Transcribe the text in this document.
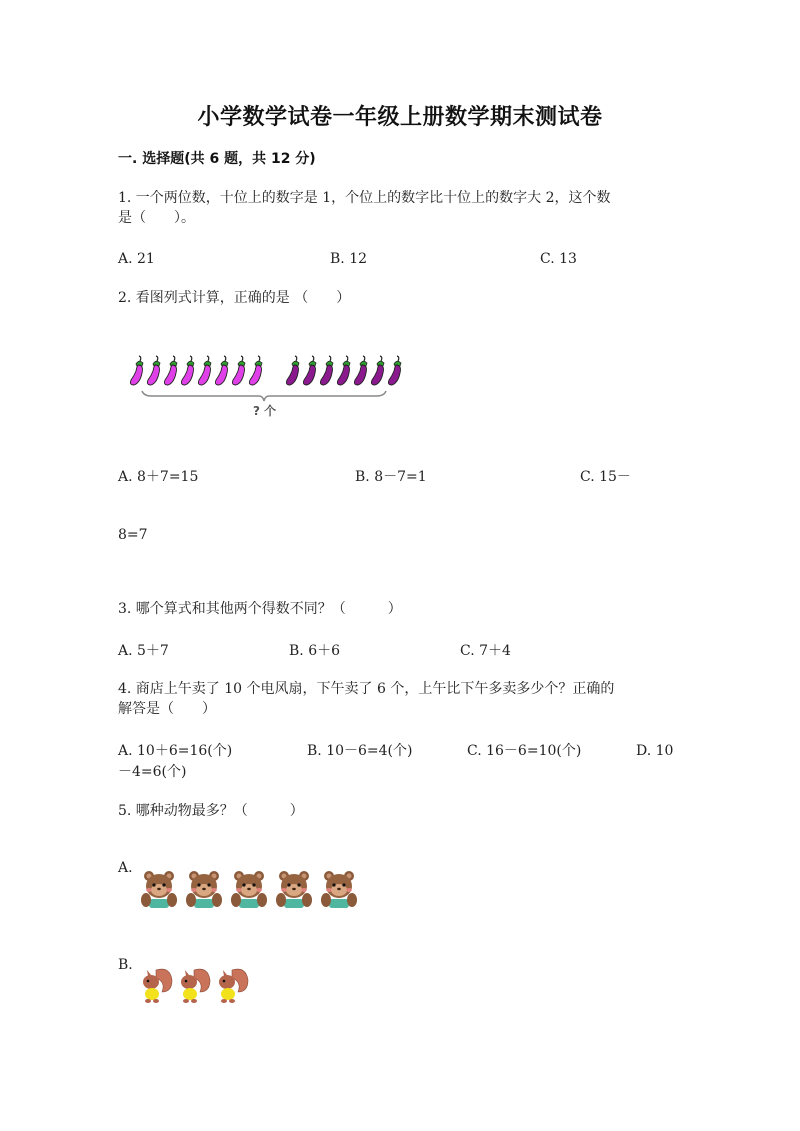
小学数学试卷一年级上册数学期末测试卷
一. 选择题(共 6 题，共 12 分)
1. 一个两位数，十位上的数字是 1，个位上的数字比十位上的数字大 2，这个数
是（　　）。
A. 21	B. 12	C. 13
2. 看图列式计算，正确的是 （　　）
? 个
A. 8＋7=15	B. 8－7=1	C. 15－
8=7
3. 哪个算式和其他两个得数不同？（　　　）
A. 5＋7	B. 6＋6	C. 7＋4
4. 商店上午卖了 10 个电风扇，下午卖了 6 个，上午比下午多卖多少个？正确的
解答是（　　）
A. 10＋6=16(个)	B. 10－6=4(个)	C. 16－6=10(个)	D. 10
－4=6(个)
5. 哪种动物最多？（　　　）
A.
B.
